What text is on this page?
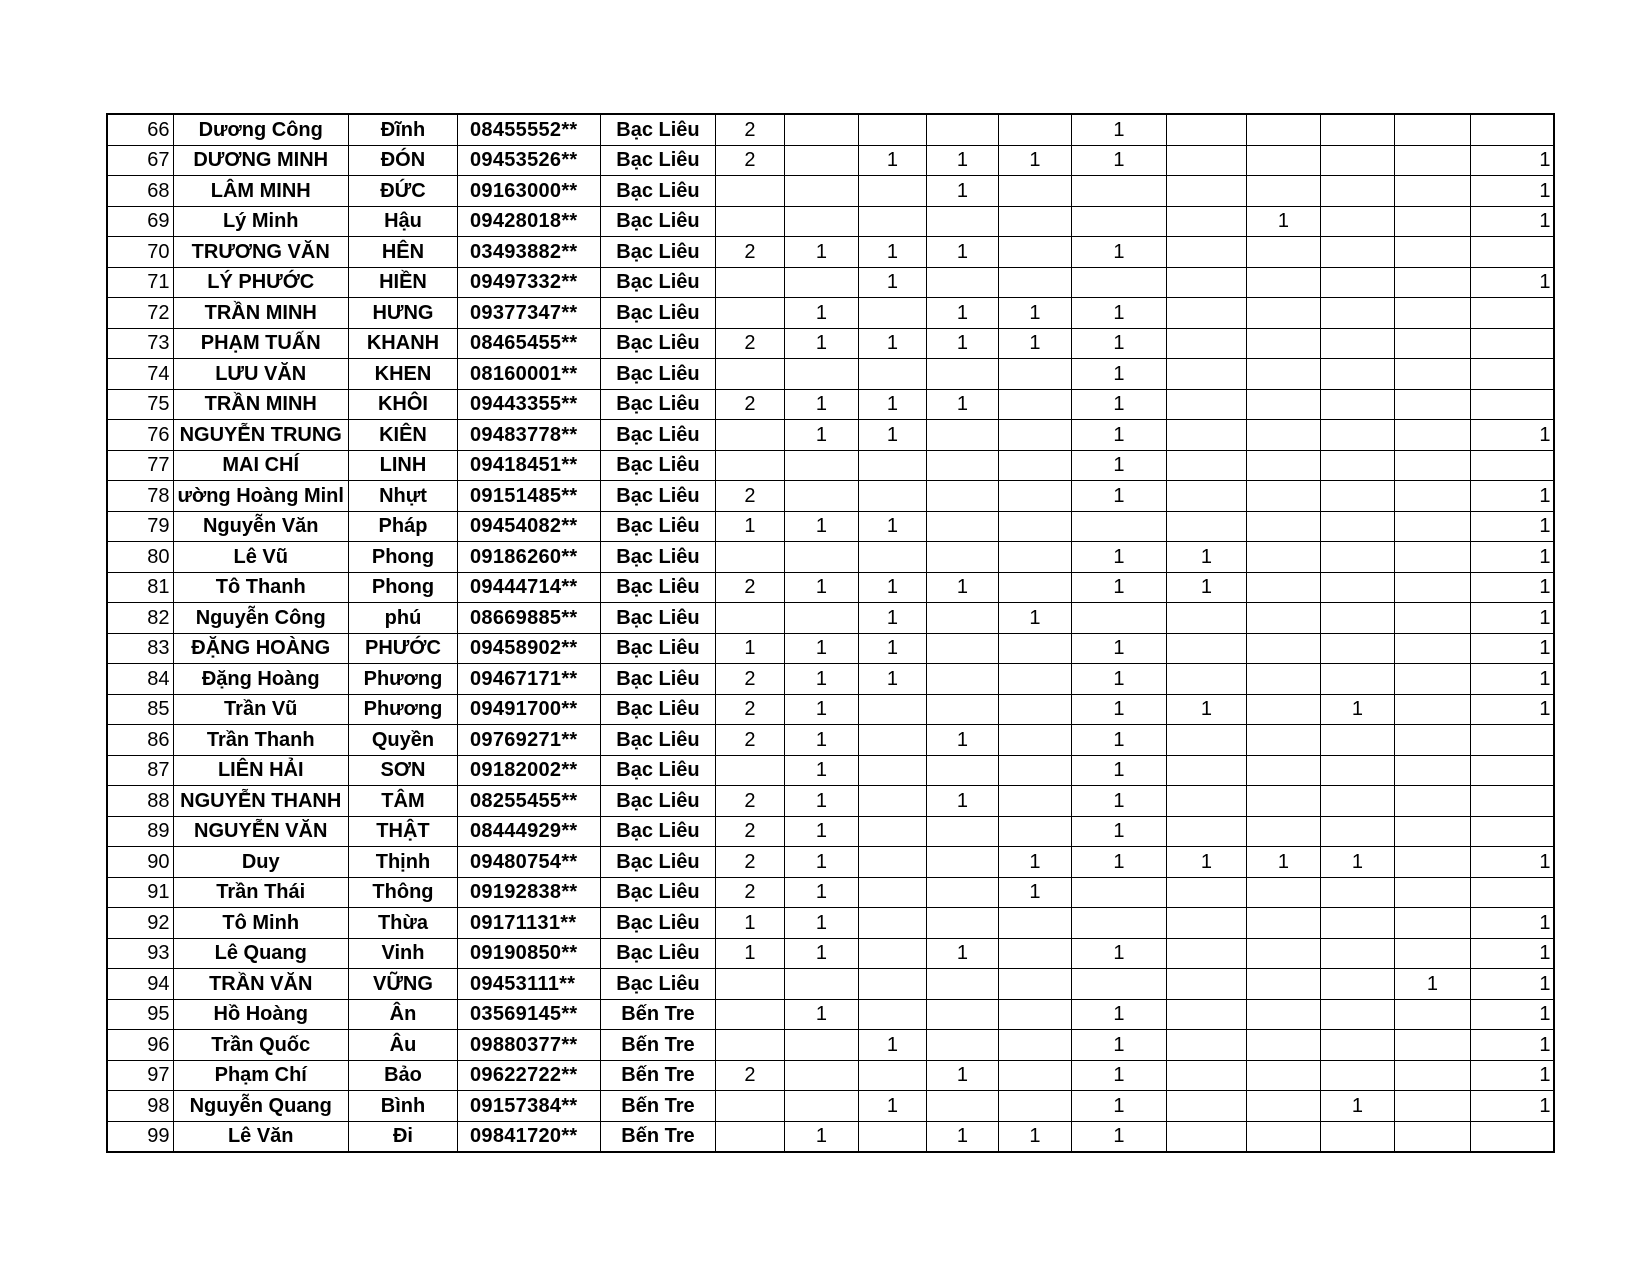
66	Dương Công	Đĩnh	08455552**	Bạc Liêu	2					1					
67	DƯƠNG MINH	ĐÓN	09453526**	Bạc Liêu	2		1	1	1	1					1
68	LÂM MINH	ĐỨC	09163000**	Bạc Liêu				1							1
69	Lý Minh	Hậu	09428018**	Bạc Liêu								1			1
70	TRƯƠNG VĂN	HÊN	03493882**	Bạc Liêu	2	1	1	1		1					
71	LÝ PHƯỚC	HIỀN	09497332**	Bạc Liêu			1								1
72	TRẦN MINH	HƯNG	09377347**	Bạc Liêu		1		1	1	1					
73	PHẠM TUẤN	KHANH	08465455**	Bạc Liêu	2	1	1	1	1	1					
74	LƯU VĂN	KHEN	08160001**	Bạc Liêu						1					
75	TRẦN MINH	KHÔI	09443355**	Bạc Liêu	2	1	1	1		1					
76	NGUYỄN TRUNG	KIÊN	09483778**	Bạc Liêu		1	1			1					1
77	MAI CHÍ	LINH	09418451**	Bạc Liêu						1					
78	ường Hoàng Minl	Nhựt	09151485**	Bạc Liêu	2					1					1
79	Nguyễn Văn	Pháp	09454082**	Bạc Liêu	1	1	1								1
80	Lê Vũ	Phong	09186260**	Bạc Liêu						1	1				1
81	Tô Thanh	Phong	09444714**	Bạc Liêu	2	1	1	1		1	1				1
82	Nguyễn Công	phú	08669885**	Bạc Liêu			1		1						1
83	ĐẶNG HOÀNG	PHƯỚC	09458902**	Bạc Liêu	1	1	1			1					1
84	Đặng Hoàng	Phương	09467171**	Bạc Liêu	2	1	1			1					1
85	Trần Vũ	Phương	09491700**	Bạc Liêu	2	1				1	1		1		1
86	Trần Thanh	Quyền	09769271**	Bạc Liêu	2	1		1		1					
87	LIÊN HẢI	SƠN	09182002**	Bạc Liêu		1				1					
88	NGUYỄN THANH	TÂM	08255455**	Bạc Liêu	2	1		1		1					
89	NGUYỄN VĂN	THẬT	08444929**	Bạc Liêu	2	1				1					
90	Duy	Thịnh	09480754**	Bạc Liêu	2	1			1	1	1	1	1		1
91	Trần Thái	Thông	09192838**	Bạc Liêu	2	1			1						
92	Tô Minh	Thừa	09171131**	Bạc Liêu	1	1									1
93	Lê Quang	Vinh	09190850**	Bạc Liêu	1	1		1		1					1
94	TRẦN VĂN	VỮNG	09453111**	Bạc Liêu										1	1
95	Hồ Hoàng	Ân	03569145**	Bến Tre		1				1					1
96	Trần Quốc	Âu	09880377**	Bến Tre			1			1					1
97	Phạm Chí	Bảo	09622722**	Bến Tre	2			1		1					1
98	Nguyễn Quang	Bình	09157384**	Bến Tre			1			1			1		1
99	Lê Văn	Đi	09841720**	Bến Tre		1		1	1	1					
